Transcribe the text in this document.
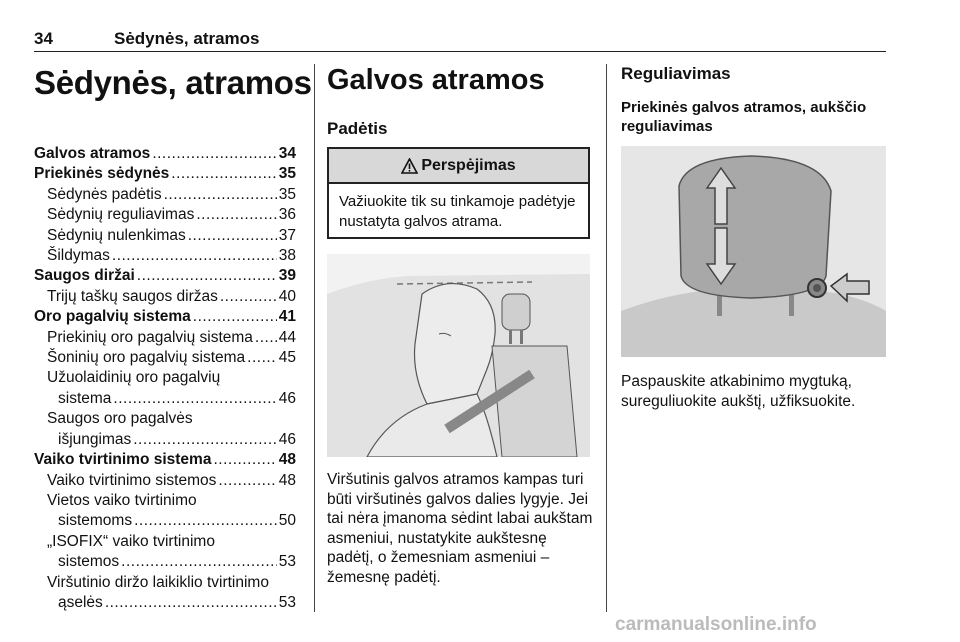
34	Sėdynės, atramos
Sėdynės, atramos
Galvos atramos .....	34
Priekinės sėdynės .....	35
Sėdynės padėtis .....	35
Sėdynių reguliavimas .....	36
Sėdynių nulenkimas .....	37
Šildymas .....	38
Saugos diržai .....	39
Trijų taškų saugos diržas .....	40
Oro pagalvių sistema .....	41
Priekinių oro pagalvių sistema ..... 44
Šoninių oro pagalvių sistema ..... 45
Užuolaidinių oro pagalvių
sistema .....	46
Saugos oro pagalvės
išjungimas .....	46
Vaiko tvirtinimo sistema .....	48
Vaiko tvirtinimo sistemos .....	48
Vietos vaiko tvirtinimo
sistemoms .....	50
„ISOFIX“ vaiko tvirtinimo
sistemos .....	53
Viršutinio diržo laikiklio tvirtinimo
ąselės .....	53
Galvos atramos
Padėtis
Perspėjimas
Važiuokite tik su tinkamoje padėtyje nustatyta galvos atrama.
Viršutinis galvos atramos kampas turi būti viršutinės galvos dalies lygyje. Jei tai nėra įmanoma sėdint labai aukštam asmeniui, nustatykite aukštesnę padėtį, o žemesniam asmeniui – žemesnę padėtį.
Reguliavimas
Priekinės galvos atramos, aukščio reguliavimas
Paspauskite atkabinimo mygtuką, sureguliuokite aukštį, užfiksuokite.
carmanualsonline.info
